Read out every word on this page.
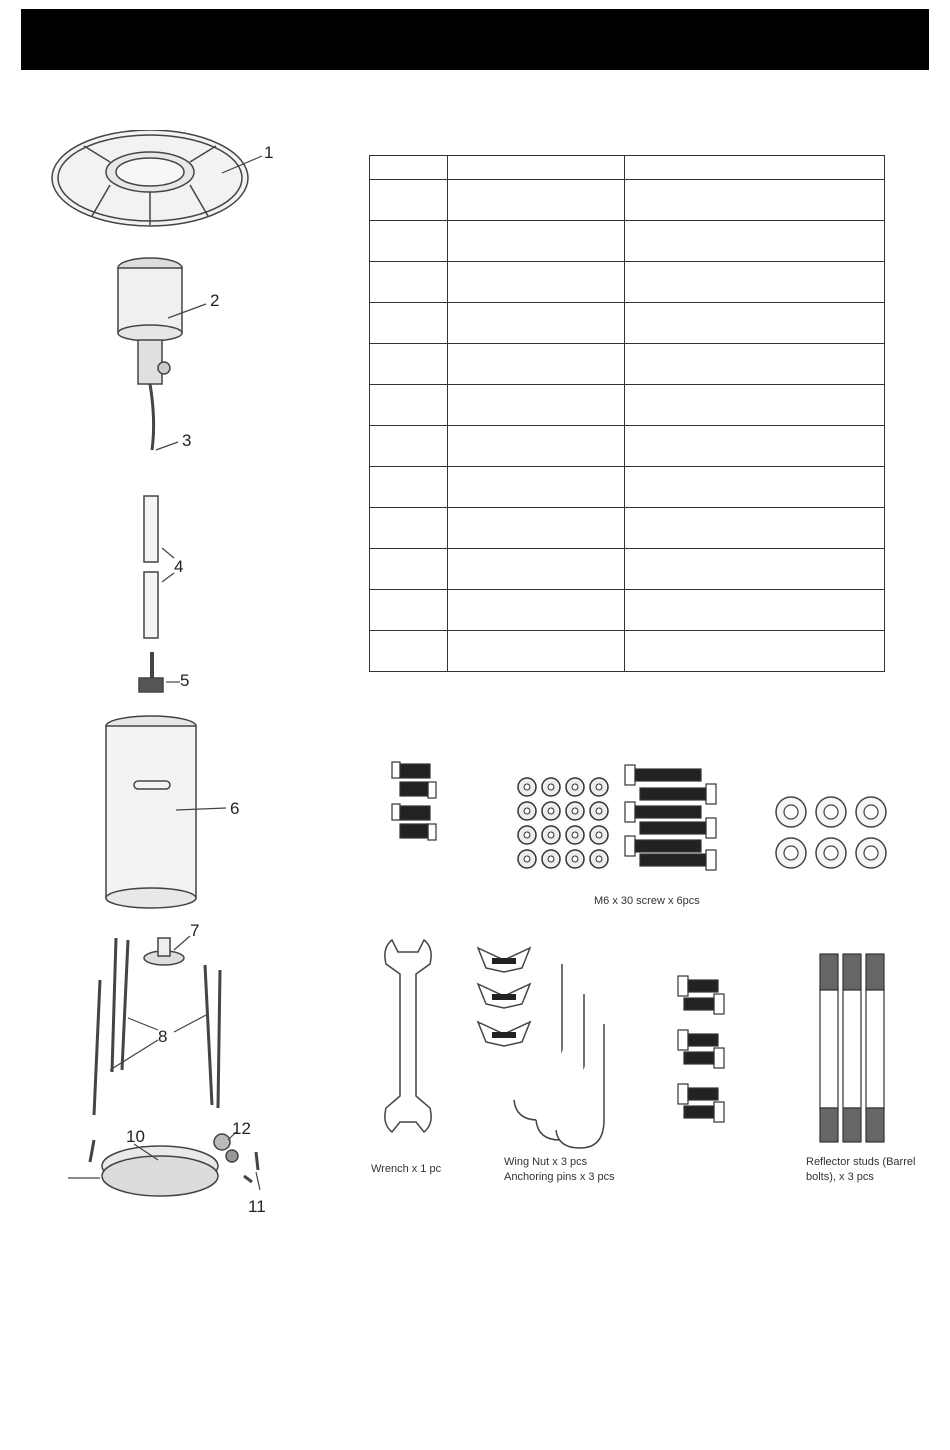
1
2
3
4
5
6
7
8
10
11
12

M6 x 30 screw x 6pcs
Wrench x 1 pc
Wing Nut x 3 pcs
Anchoring pins x 3 pcs
Reflector studs (Barrel
bolts), x 3 pcs
